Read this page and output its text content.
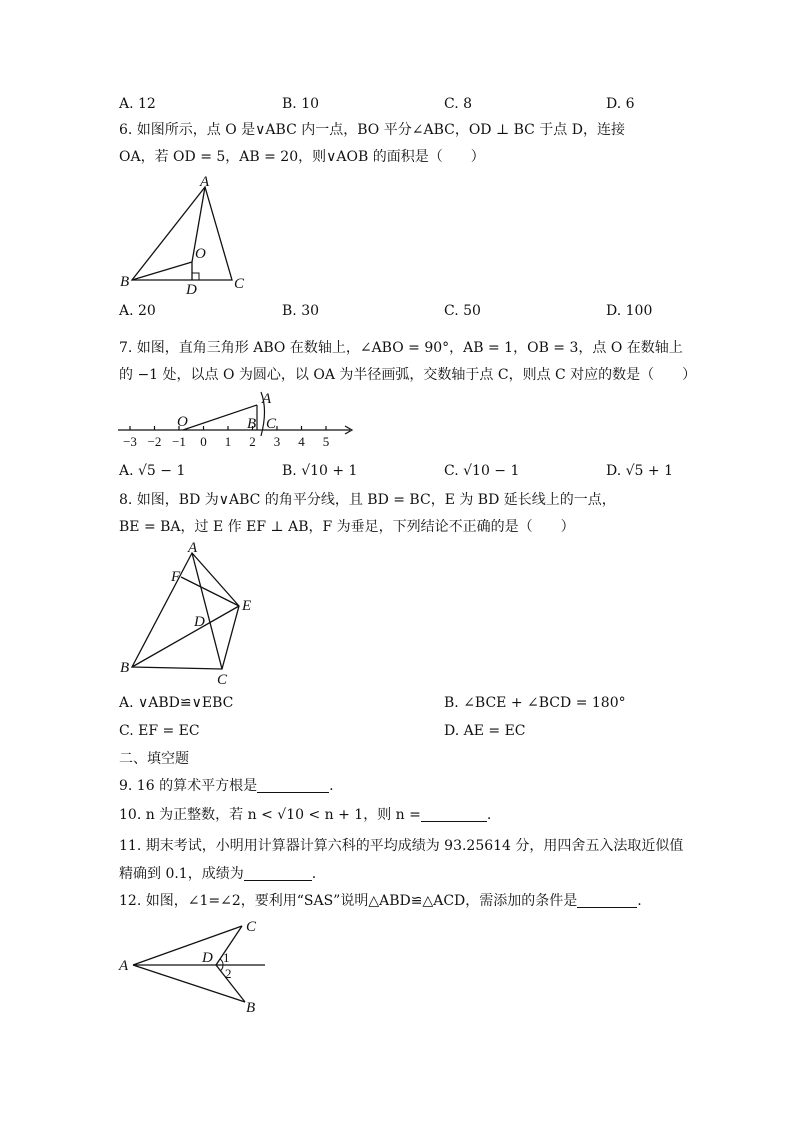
A. 12	B. 10	C. 8	D. 6
6. 如图所示，点 O 是∨ABC 内一点，BO 平分∠ABC，OD ⊥ BC 于点 D，连接
OA，若 OD = 5，AB = 20，则∨AOB 的面积是（　　）
A
B	C
O
D
A. 20	B. 30	C. 50	D. 100
7. 如图，直角三角形 ABO 在数轴上，∠ABO = 90°，AB = 1，OB = 3，点 O 在数轴上
的 −1 处，以点 O 为圆心，以 OA 为半径画弧，交数轴于点 C，则点 C 对应的数是（　　）
O
A
B C
−3 −2 −1 0 1 2 3 4 5
A. √5 − 1	B. √10 + 1	C. √10 − 1	D. √5 + 1
8. 如图，BD 为∨ABC 的角平分线，且 BD = BC，E 为 BD 延长线上的一点，
BE = BA，过 E 作 EF ⊥ AB，F 为垂足，下列结论不正确的是（　　）
A
F
E
D
B
C
A. ∨ABD≌∨EBC	B. ∠BCE + ∠BCD = 180°
C. EF = EC	D. AE = EC
二、填空题
9. 16 的算术平方根是	.
10. n 为正整数，若 n < √10 < n + 1，则 n =	.
11. 期末考试，小明用计算器计算六科的平均成绩为 93.25614 分，用四舍五入法取近似值
精确到 0.1，成绩为	.
12. 如图，∠1=∠2，要利用“SAS”说明△ABD≌△ACD，需添加的条件是	.
A
C
D 1
2
B
